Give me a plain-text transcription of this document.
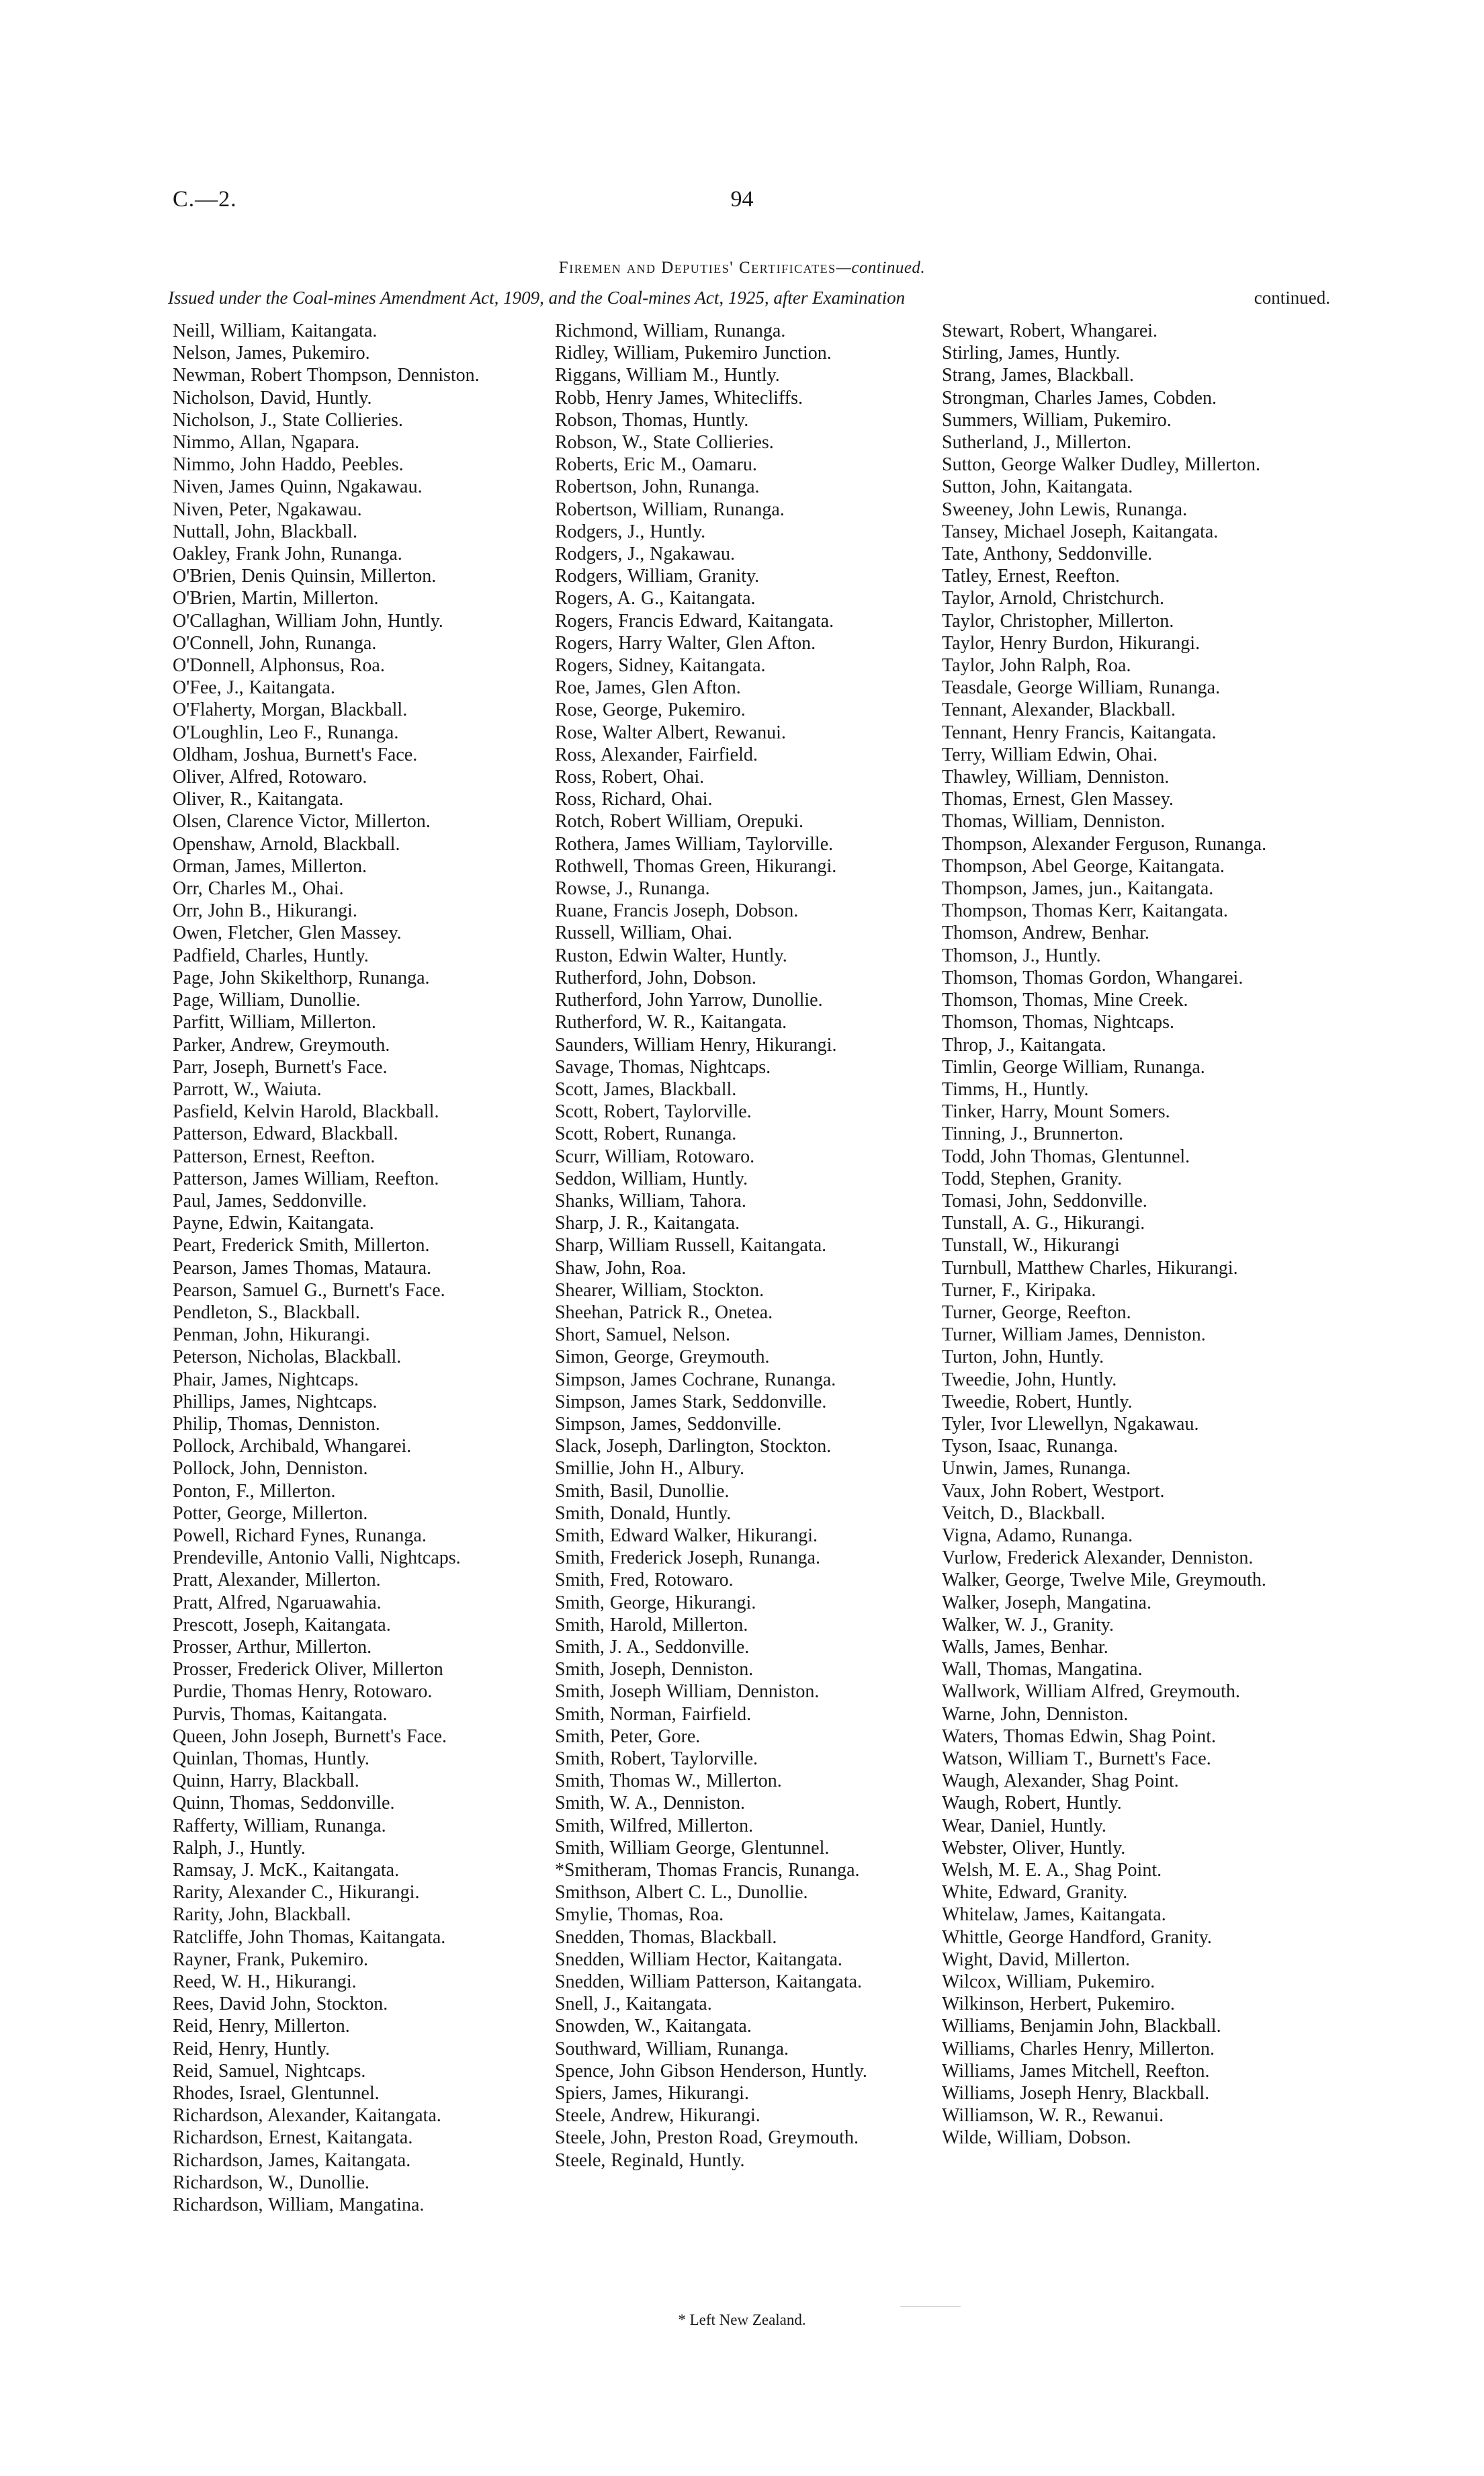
C.—2.	94
Firemen and Deputies' Certificates—continued.
Issued under the Coal-mines Amendment Act, 1909, and the Coal-mines Act, 1925, after Examination	continued.
Neill, William, Kaitangata.
Nelson, James, Pukemiro.
Newman, Robert Thompson, Denniston.
Nicholson, David, Huntly.
Nicholson, J., State Collieries.
Nimmo, Allan, Ngapara.
Nimmo, John Haddo, Peebles.
Niven, James Quinn, Ngakawau.
Niven, Peter, Ngakawau.
Nuttall, John, Blackball.
Oakley, Frank John, Runanga.
O'Brien, Denis Quinsin, Millerton.
O'Brien, Martin, Millerton.
O'Callaghan, William John, Huntly.
O'Connell, John, Runanga.
O'Donnell, Alphonsus, Roa.
O'Fee, J., Kaitangata.
O'Flaherty, Morgan, Blackball.
O'Loughlin, Leo F., Runanga.
Oldham, Joshua, Burnett's Face.
Oliver, Alfred, Rotowaro.
Oliver, R., Kaitangata.
Olsen, Clarence Victor, Millerton.
Openshaw, Arnold, Blackball.
Orman, James, Millerton.
Orr, Charles M., Ohai.
Orr, John B., Hikurangi.
Owen, Fletcher, Glen Massey.
Padfield, Charles, Huntly.
Page, John Skikelthorp, Runanga.
Page, William, Dunollie.
Parfitt, William, Millerton.
Parker, Andrew, Greymouth.
Parr, Joseph, Burnett's Face.
Parrott, W., Waiuta.
Pasfield, Kelvin Harold, Blackball.
Patterson, Edward, Blackball.
Patterson, Ernest, Reefton.
Patterson, James William, Reefton.
Paul, James, Seddonville.
Payne, Edwin, Kaitangata.
Peart, Frederick Smith, Millerton.
Pearson, James Thomas, Mataura.
Pearson, Samuel G., Burnett's Face.
Pendleton, S., Blackball.
Penman, John, Hikurangi.
Peterson, Nicholas, Blackball.
Phair, James, Nightcaps.
Phillips, James, Nightcaps.
Philip, Thomas, Denniston.
Pollock, Archibald, Whangarei.
Pollock, John, Denniston.
Ponton, F., Millerton.
Potter, George, Millerton.
Powell, Richard Fynes, Runanga.
Prendeville, Antonio Valli, Nightcaps.
Pratt, Alexander, Millerton.
Pratt, Alfred, Ngaruawahia.
Prescott, Joseph, Kaitangata.
Prosser, Arthur, Millerton.
Prosser, Frederick Oliver, Millerton
Purdie, Thomas Henry, Rotowaro.
Purvis, Thomas, Kaitangata.
Queen, John Joseph, Burnett's Face.
Quinlan, Thomas, Huntly.
Quinn, Harry, Blackball.
Quinn, Thomas, Seddonville.
Rafferty, William, Runanga.
Ralph, J., Huntly.
Ramsay, J. McK., Kaitangata.
Rarity, Alexander C., Hikurangi.
Rarity, John, Blackball.
Ratcliffe, John Thomas, Kaitangata.
Rayner, Frank, Pukemiro.
Reed, W. H., Hikurangi.
Rees, David John, Stockton.
Reid, Henry, Millerton.
Reid, Henry, Huntly.
Reid, Samuel, Nightcaps.
Rhodes, Israel, Glentunnel.
Richardson, Alexander, Kaitangata.
Richardson, Ernest, Kaitangata.
Richardson, James, Kaitangata.
Richardson, W., Dunollie.
Richardson, William, Mangatina.
Richmond, William, Runanga.
Ridley, William, Pukemiro Junction.
Riggans, William M., Huntly.
Robb, Henry James, Whitecliffs.
Robson, Thomas, Huntly.
Robson, W., State Collieries.
Roberts, Eric M., Oamaru.
Robertson, John, Runanga.
Robertson, William, Runanga.
Rodgers, J., Huntly.
Rodgers, J., Ngakawau.
Rodgers, William, Granity.
Rogers, A. G., Kaitangata.
Rogers, Francis Edward, Kaitangata.
Rogers, Harry Walter, Glen Afton.
Rogers, Sidney, Kaitangata.
Roe, James, Glen Afton.
Rose, George, Pukemiro.
Rose, Walter Albert, Rewanui.
Ross, Alexander, Fairfield.
Ross, Robert, Ohai.
Ross, Richard, Ohai.
Rotch, Robert William, Orepuki.
Rothera, James William, Taylorville.
Rothwell, Thomas Green, Hikurangi.
Rowse, J., Runanga.
Ruane, Francis Joseph, Dobson.
Russell, William, Ohai.
Ruston, Edwin Walter, Huntly.
Rutherford, John, Dobson.
Rutherford, John Yarrow, Dunollie.
Rutherford, W. R., Kaitangata.
Saunders, William Henry, Hikurangi.
Savage, Thomas, Nightcaps.
Scott, James, Blackball.
Scott, Robert, Taylorville.
Scott, Robert, Runanga.
Scurr, William, Rotowaro.
Seddon, William, Huntly.
Shanks, William, Tahora.
Sharp, J. R., Kaitangata.
Sharp, William Russell, Kaitangata.
Shaw, John, Roa.
Shearer, William, Stockton.
Sheehan, Patrick R., Onetea.
Short, Samuel, Nelson.
Simon, George, Greymouth.
Simpson, James Cochrane, Runanga.
Simpson, James Stark, Seddonville.
Simpson, James, Seddonville.
Slack, Joseph, Darlington, Stockton.
Smillie, John H., Albury.
Smith, Basil, Dunollie.
Smith, Donald, Huntly.
Smith, Edward Walker, Hikurangi.
Smith, Frederick Joseph, Runanga.
Smith, Fred, Rotowaro.
Smith, George, Hikurangi.
Smith, Harold, Millerton.
Smith, J. A., Seddonville.
Smith, Joseph, Denniston.
Smith, Joseph William, Denniston.
Smith, Norman, Fairfield.
Smith, Peter, Gore.
Smith, Robert, Taylorville.
Smith, Thomas W., Millerton.
Smith, W. A., Denniston.
Smith, Wilfred, Millerton.
Smith, William George, Glentunnel.
*Smitheram, Thomas Francis, Runanga.
Smithson, Albert C. L., Dunollie.
Smylie, Thomas, Roa.
Snedden, Thomas, Blackball.
Snedden, William Hector, Kaitangata.
Snedden, William Patterson, Kaitangata.
Snell, J., Kaitangata.
Snowden, W., Kaitangata.
Southward, William, Runanga.
Spence, John Gibson Henderson, Huntly.
Spiers, James, Hikurangi.
Steele, Andrew, Hikurangi.
Steele, John, Preston Road, Greymouth.
Steele, Reginald, Huntly.
Stewart, Robert, Whangarei.
Stirling, James, Huntly.
Strang, James, Blackball.
Strongman, Charles James, Cobden.
Summers, William, Pukemiro.
Sutherland, J., Millerton.
Sutton, George Walker Dudley, Millerton.
Sutton, John, Kaitangata.
Sweeney, John Lewis, Runanga.
Tansey, Michael Joseph, Kaitangata.
Tate, Anthony, Seddonville.
Tatley, Ernest, Reefton.
Taylor, Arnold, Christchurch.
Taylor, Christopher, Millerton.
Taylor, Henry Burdon, Hikurangi.
Taylor, John Ralph, Roa.
Teasdale, George William, Runanga.
Tennant, Alexander, Blackball.
Tennant, Henry Francis, Kaitangata.
Terry, William Edwin, Ohai.
Thawley, William, Denniston.
Thomas, Ernest, Glen Massey.
Thomas, William, Denniston.
Thompson, Alexander Ferguson, Runanga.
Thompson, Abel George, Kaitangata.
Thompson, James, jun., Kaitangata.
Thompson, Thomas Kerr, Kaitangata.
Thomson, Andrew, Benhar.
Thomson, J., Huntly.
Thomson, Thomas Gordon, Whangarei.
Thomson, Thomas, Mine Creek.
Thomson, Thomas, Nightcaps.
Throp, J., Kaitangata.
Timlin, George William, Runanga.
Timms, H., Huntly.
Tinker, Harry, Mount Somers.
Tinning, J., Brunnerton.
Todd, John Thomas, Glentunnel.
Todd, Stephen, Granity.
Tomasi, John, Seddonville.
Tunstall, A. G., Hikurangi.
Tunstall, W., Hikurangi
Turnbull, Matthew Charles, Hikurangi.
Turner, F., Kiripaka.
Turner, George, Reefton.
Turner, William James, Denniston.
Turton, John, Huntly.
Tweedie, John, Huntly.
Tweedie, Robert, Huntly.
Tyler, Ivor Llewellyn, Ngakawau.
Tyson, Isaac, Runanga.
Unwin, James, Runanga.
Vaux, John Robert, Westport.
Veitch, D., Blackball.
Vigna, Adamo, Runanga.
Vurlow, Frederick Alexander, Denniston.
Walker, George, Twelve Mile, Greymouth.
Walker, Joseph, Mangatina.
Walker, W. J., Granity.
Walls, James, Benhar.
Wall, Thomas, Mangatina.
Wallwork, William Alfred, Greymouth.
Warne, John, Denniston.
Waters, Thomas Edwin, Shag Point.
Watson, William T., Burnett's Face.
Waugh, Alexander, Shag Point.
Waugh, Robert, Huntly.
Wear, Daniel, Huntly.
Webster, Oliver, Huntly.
Welsh, M. E. A., Shag Point.
White, Edward, Granity.
Whitelaw, James, Kaitangata.
Whittle, George Handford, Granity.
Wight, David, Millerton.
Wilcox, William, Pukemiro.
Wilkinson, Herbert, Pukemiro.
Williams, Benjamin John, Blackball.
Williams, Charles Henry, Millerton.
Williams, James Mitchell, Reefton.
Williams, Joseph Henry, Blackball.
Williamson, W. R., Rewanui.
Wilde, William, Dobson.
* Left New Zealand.
